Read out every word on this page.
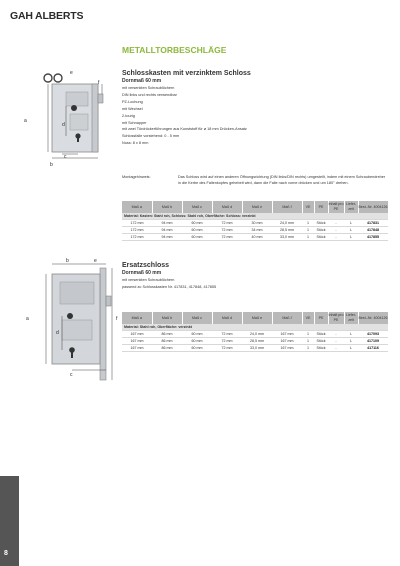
GAH ALBERTS
METALLTORBESCHLÄGE
a
b
c
d
e
f
Schlosskasten mit verzinktem Schloss
Dornmaß 60 mm
mit versenkten Schraublöchern
DIN links und rechts verwendbar
PZ-Lochung
mit Wechsel
2-tourig
mit Schnapper
mit zwei Türdrückerführungen aus Kunststoff für ø 18 mm Drücken-Ansatz
Schlossfalle vorstehend: 0 - 5 mm
Nuss: 8 x 8 mm
Montagehinweis:	Das Schloss wird auf einen anderen Öffnungsrichtung (DIN links/DIN rechts) umgestellt, indem mit einem Schraubendreher in die Kerbe des Fallenkopfes gehebelt wird, dann die Falle nach vorne drücken und um 180° drehen.
Maß a	Maß b	Maß c	Maß d	Maß e	Maß f	VE	PE	Inhalt pro PE	Liefer-zeit	Best.-Nr. 4004126
Material: Kasten: Stahl roh, Schloss: Stahl roh, Oberfläche: Schloss: verzinkt										
172 mm	94 mm	60 mm	72 mm	30 mm	24,0 mm	1	Stück	-	L	417831
172 mm	94 mm	60 mm	72 mm	34 mm	28,5 mm	1	Stück	-	L	417848
172 mm	94 mm	60 mm	72 mm	40 mm	33,0 mm	1	Stück	-	L	417855
a
b
c
d
e
f
Ersatzschloss
Dornmaß 60 mm
mit versenkten Schraublöchern
passend zu Schlosskasten Nr. 417831, 417848, 417855
Maß a	Maß b	Maß c	Maß d	Maß e	Maß f	VE	PE	Inhalt pro PE	Liefer-zeit	Best.-Nr. 4004126
Material: Stahl roh, Oberfläche: verzinkt										
167 mm	86 mm	60 mm	72 mm	24,0 mm	167 mm	1	Stück	-	L	417093
167 mm	86 mm	60 mm	72 mm	28,5 mm	167 mm	1	Stück	-	L	417109
167 mm	86 mm	60 mm	72 mm	33,0 mm	167 mm	1	Stück	-	L	417116
8
